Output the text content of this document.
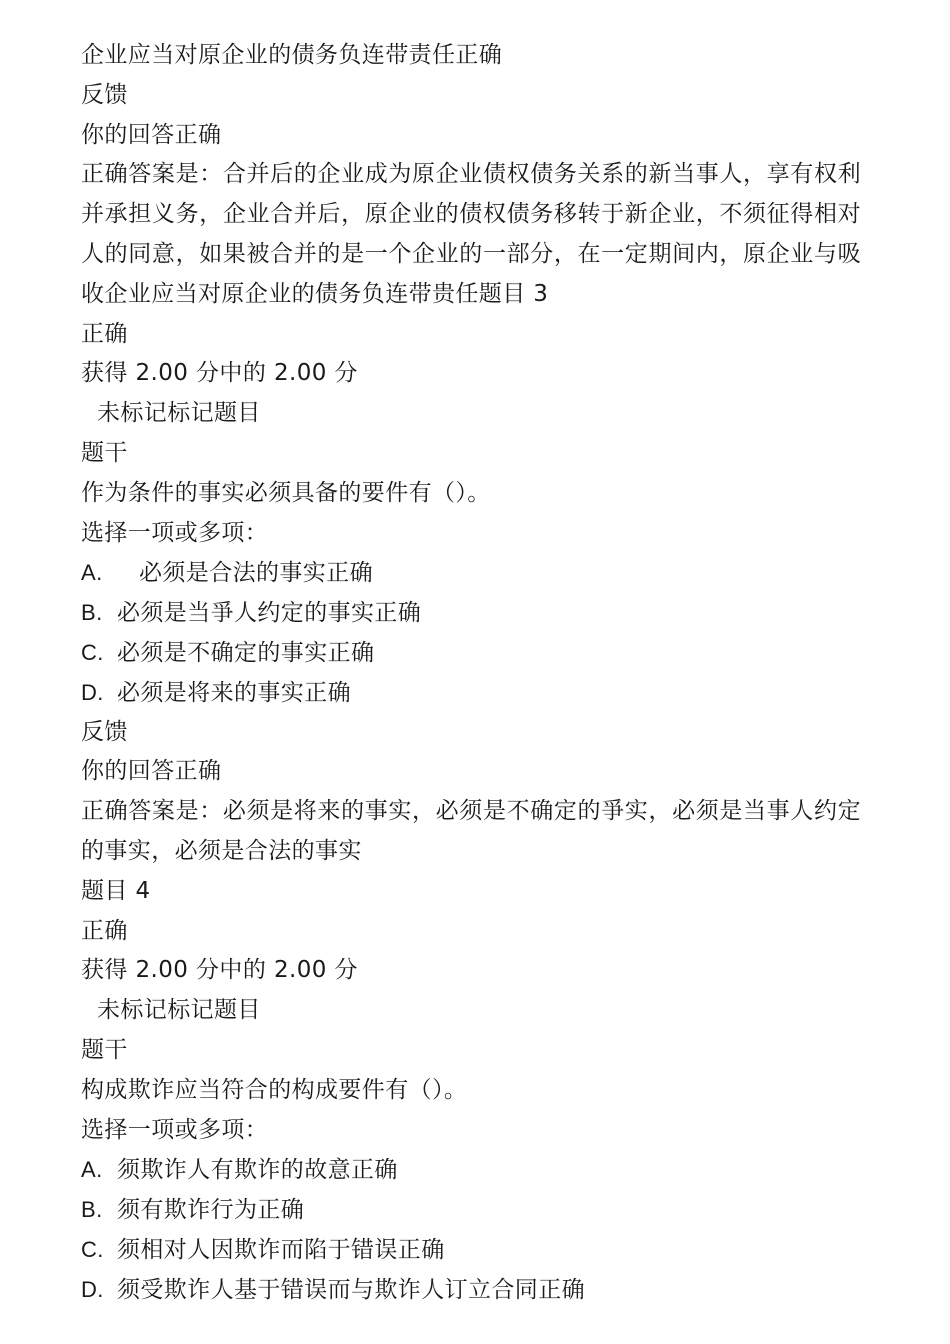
企业应当对原企业的债务负连带责任正确

反馈

你的回答正确

正确答案是：合并后的企业成为原企业债权债务关系的新当事人，享有权利并承担义务，企业合并后，原企业的债权债务移转于新企业，不须征得相对人的同意，如果被合并的是一个企业的一部分，在一定期间内，原企业与吸收企业应当对原企业的债务负连带贵任题目 3

正确

获得 2.00 分中的 2.00 分

未标记标记题目

题干

作为条件的事实必须具备的要件有（）。

选择一项或多项：

A.	必须是合法的事实正确
B. 必须是当爭人约定的事实正确
C. 必须是不确定的事实正确
D. 必须是将来的事实正确

反馈

你的回答正确

正确答案是：必须是将来的事实，必须是不确定的爭实，必须是当事人约定的事实，必须是合法的事实

题目 4

正确

获得 2.00 分中的 2.00 分

未标记标记题目

题干

构成欺诈应当符合的构成要件有（）。

选择一项或多项：

A. 须欺诈人有欺诈的故意正确
B. 须有欺诈行为正确
C. 须相对人因欺诈而陷于错误正确
D. 须受欺诈人基于错误而与欺诈人订立合同正确
